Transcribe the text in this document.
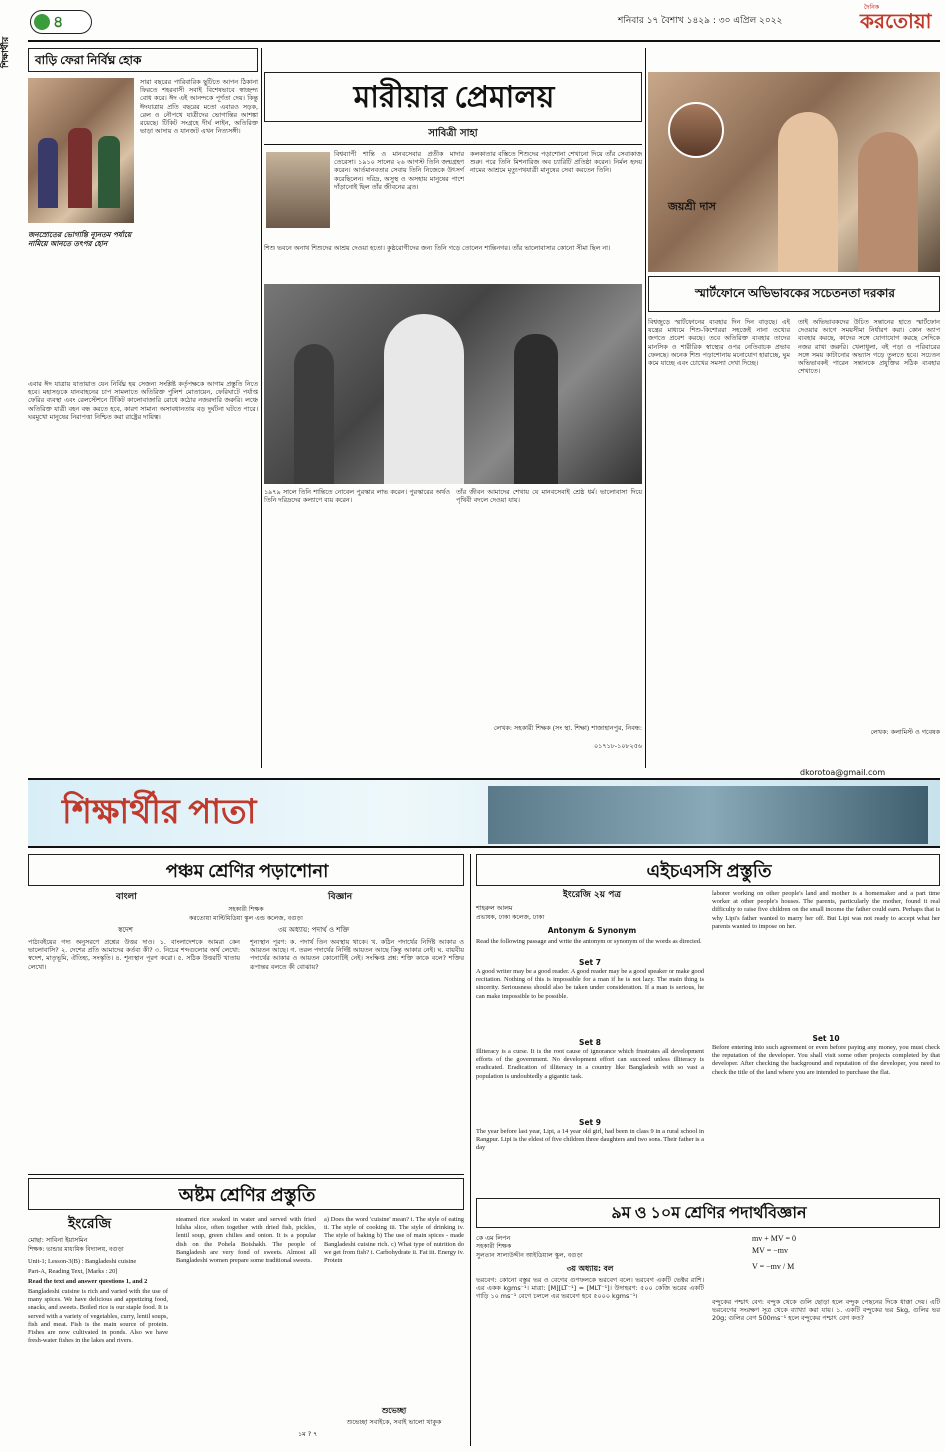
শিক্ষার্থীর
৪	শনিবার ১৭ বৈশাখ ১৪২৯ : ৩০ এপ্রিল ২০২২
দৈনিক
করতোয়া
বাড়ি ফেরা নির্বিঘ্ন হোক
জনস্রোতের ভোগান্তি ন্যূনতম পর্যায়ে নামিয়ে আনতে তৎপর হোন
সারা বছরের পারিবারিক ছুটিতে আপন ঠিকানা ফিরতে শহরবাসী সবাই বিশেষভাবে স্বাচ্ছন্দ্য বোধ করে। ঈদ এই আনন্দকে পূর্ণতা দেয়। কিন্তু ঈদযাত্রায় প্রতি বছরের মতো এবারও সড়ক, রেল ও নৌপথে যাত্রীদের ভোগান্তির আশঙ্কা রয়েছে। টিকিট সংগ্রহে দীর্ঘ লাইন, অতিরিক্ত ভাড়া আদায় ও যানজট এখন নিত্যসঙ্গী।
এবার ঈদ যাত্রায় যাতায়াত যেন নির্বিঘ্ন হয় সেজন্য সংশ্লিষ্ট কর্তৃপক্ষকে আগাম প্রস্তুতি নিতে হবে। মহাসড়কে যানবাহনের চাপ সামলাতে অতিরিক্ত পুলিশ মোতায়েন, ফেরিঘাটে পর্যাপ্ত ফেরির ব্যবস্থা এবং রেলস্টেশনে টিকিট কালোবাজারি রোধে কঠোর নজরদারি জরুরি। লঞ্চে অতিরিক্ত যাত্রী বহন বন্ধ করতে হবে, কারণ সামান্য অসাবধানতায় বড় দুর্ঘটনা ঘটতে পারে। ঘরমুখো মানুষের নিরাপত্তা নিশ্চিত করা রাষ্ট্রের দায়িত্ব।
মারীয়ার প্রেমালয়
সাবিত্রী সাহা
বিশ্বব্যাপী শান্তি ও মানবসেবার প্রতীক মাদার তেরেসা। ১৯১০ সালের ২৬ আগস্ট তিনি জন্মগ্রহণ করেন। আর্তমানবতার সেবায় তিনি নিজেকে উৎসর্গ করেছিলেন। দরিদ্র, অসুস্থ ও অসহায় মানুষের পাশে দাঁড়ানোই ছিল তাঁর জীবনের ব্রত।
কলকাতার বস্তিতে শিশুদের পড়াশোনা শেখানো দিয়ে তাঁর সেবাকাজ শুরু। পরে তিনি মিশনারিজ অব চ্যারিটি প্রতিষ্ঠা করেন। নির্মল হৃদয় নামের আশ্রমে মৃত্যুপথযাত্রী মানুষের সেবা করতেন তিনি।
শিশু ভবনে অনাথ শিশুদের আশ্রয় দেওয়া হতো। কুষ্ঠরোগীদের জন্য তিনি গড়ে তোলেন শান্তিনগর। তাঁর ভালোবাসার কোনো সীমা ছিল না।
১৯৭৯ সালে তিনি শান্তিতে নোবেল পুরস্কার লাভ করেন। পুরস্কারের অর্থও তিনি দরিদ্রদের কল্যাণে ব্যয় করেন।
তাঁর জীবন আমাদের শেখায় যে মানবসেবাই শ্রেষ্ঠ ধর্ম। ভালোবাসা দিয়ে পৃথিবী বদলে দেওয়া যায়।
লেখক: সহকারী শিক্ষক (সং স্থা. শিক্ষা) শাজাহানপুর, নিবন্ধ:
০১৭১৮-১০৮২৫৬
জয়শ্রী দাস
স্মার্টফোনে অভিভাবকের সচেতনতা দরকার
বিশ্বজুড়ে স্মার্টফোনের ব্যবহার দিন দিন বাড়ছে। এই যন্ত্রের মাধ্যমে শিশু-কিশোররা সহজেই নানা তথ্যের জগতে প্রবেশ করছে। তবে অতিরিক্ত ব্যবহার তাদের মানসিক ও শারীরিক স্বাস্থ্যের ওপর নেতিবাচক প্রভাব ফেলছে। অনেক শিশু পড়াশোনায় মনোযোগ হারাচ্ছে, ঘুম কমে যাচ্ছে এবং চোখের সমস্যা দেখা দিচ্ছে।
তাই অভিভাবকদের উচিত সন্তানের হাতে স্মার্টফোন দেওয়ার আগে সময়সীমা নির্ধারণ করা। কোন অ্যাপ ব্যবহার করছে, কাদের সঙ্গে যোগাযোগ করছে সেদিকে নজর রাখা জরুরি। খেলাধুলা, বই পড়া ও পরিবারের সঙ্গে সময় কাটানোর অভ্যাস গড়ে তুলতে হবে। সচেতন অভিভাবকই পারেন সন্তানকে প্রযুক্তির সঠিক ব্যবহার শেখাতে।
লেখক: কলামিস্ট ও গবেষক
dkorotoa@gmail.com
শিক্ষার্থীর পাতা
পঞ্চম শ্রেণির পড়াশোনা
বাংলা	বিজ্ঞান
সহকারী শিক্ষক
করতোয়া মাল্টিমিডিয়া স্কুল এন্ড কলেজ, বগুড়া
স্বদেশ	৩য় অধ্যায়: পদার্থ ও শক্তি
পাঠ্যবইয়ের গদ্য অনুসরণে প্রশ্নের উত্তর দাও। ১. বাংলাদেশকে আমরা কেন ভালোবাসি? ২. দেশের প্রতি আমাদের কর্তব্য কী? ৩. নিচের শব্দগুলোর অর্থ লেখো: স্বদেশ, মাতৃভূমি, ঐতিহ্য, সংস্কৃতি। ৪. শূন্যস্থান পূরণ করো। ৫. সঠিক উত্তরটি খাতায় লেখো।
শূন্যস্থান পূরণ: ক. পদার্থ তিন অবস্থায় থাকে। খ. কঠিন পদার্থের নির্দিষ্ট আকার ও আয়তন আছে। গ. তরল পদার্থের নির্দিষ্ট আয়তন আছে কিন্তু আকার নেই। ঘ. বায়বীয় পদার্থের আকার ও আয়তন কোনোটিই নেই। সংক্ষিপ্ত প্রশ্ন: শক্তি কাকে বলে? শক্তির রূপান্তর বলতে কী বোঝায়?
এইচএসসি প্রস্তুতি
ইংরেজি ২য় পত্র
শাহরুল আলম
প্রভাষক, ঢাকা কলেজ, ঢাকা
Antonym & Synonym
Read the following passage and write the antonym or synonym of the words as directed.
Set 7
A good writer may be a good reader. A good reader may be a good speaker or make good recitation. Nothing of this is impossible for a man if he is not lazy. The main thing is sincerity. Seriousness should also be taken under consideration. If a man is serious, he can make impossible to be possible.
Set 8
Illiteracy is a curse. It is the root cause of ignorance which frustrates all development efforts of the government. No development effort can succeed unless illiteracy is eradicated. Eradication of illiteracy in a country like Bangladesh with so vast a population is undoubtedly a gigantic task.
Set 9
The year before last year, Lipi, a 14 year old girl, had been in class 9 in a rural school in Rangpur. Lipi is the eldest of five children three daughters and two sons. Their father is a day
laborer working on other people's land and mother is a homemaker and a part time worker at other people's houses. The parents, particularly the mother, found it real difficulty to raise five children on the small income the father could earn. Perhaps that is why Lipi's father wanted to marry her off. But Lipi was not ready to accept what her parents wanted to impose on her.
Set 10
Before entering into such agreement or even before paying any money, you must check the reputation of the developer. You shall visit some other projects completed by that developer. After checking the background and reputation of the developer, you need to check the title of the land where you are intended to purchase the flat.
অষ্টম শ্রেণির প্রস্তুতি
ইংরেজি
মোছা: সাবিনা ইয়াসমিন
শিক্ষক: ভান্ডার মাধ্যমিক বিদ্যালয়, বগুড়া
Unit-1; Lesson-3(B) : Bangladeshi cuisine
Part-A, Reading Text, [Marks : 20]
Read the text and answer questions 1, and 2
Bangladeshi cuisine is rich and varied with the use of many spices. We have delicious and appetizing food, snacks, and sweets. Boiled rice is our staple food. It is served with a variety of vegetables, curry, lentil soups, fish and meat. Fish is the main source of protein. Fishes are now cultivated in ponds. Also we have fresh-water fishes in the lakes and rivers.
steamed rice soaked in water and served with fried hilsha slice, often together with dried fish, pickles, lentil soup, green chilies and onion. It is a popular dish on the Pohela Boishakh. The people of Bangladesh are very fond of sweets. Almost all Bangladeshi women prepare some traditional sweets.
a) Does the word 'cuisine' mean? i. The style of eating ii. The style of cooking iii. The style of drinking iv. The style of baking b) The use of main spices - made Bangladeshi cuisine rich. c) What type of nutrition do we get from fish? i. Carbohydrate ii. Fat iii. Energy iv. Protein
শুভেচ্ছা
শুভেচ্ছা সবাইকে, সবাই ভালো থাকুক
১ম ? ৭
৯ম ও ১০ম শ্রেণির পদার্থবিজ্ঞান
কে এম লিপন
সহকারী শিক্ষক
সুলতান সালাউদ্দীন আইডিয়াল স্কুল, বগুড়া
৩য় অধ্যায়: বল
ভরবেগ: কোনো বস্তুর ভর ও বেগের গুণফলকে ভরবেগ বলে। ভরবেগ একটি ভেক্টর রাশি। এর একক kgms⁻¹। মাত্রা: [M][LT⁻¹] = [MLT⁻¹]। উদাহরণ: ৫০০ কেজি ভরের একটি গাড়ি ১০ ms⁻¹ বেগে চললে এর ভরবেগ হবে ৫০০০ kgms⁻¹।
mv + MV = 0
MV = −mv
V = −mv / M
বন্দুকের পশ্চাৎ বেগ: বন্দুক থেকে গুলি ছোড়া হলে বন্দুক পেছনের দিকে ধাক্কা দেয়। এটি ভরবেগের সংরক্ষণ সূত্র থেকে ব্যাখ্যা করা যায়। ১. একটি বন্দুকের ভর 5kg, গুলির ভর 20g; গুলির বেগ 500ms⁻¹ হলে বন্দুকের পশ্চাৎ বেগ কত?
